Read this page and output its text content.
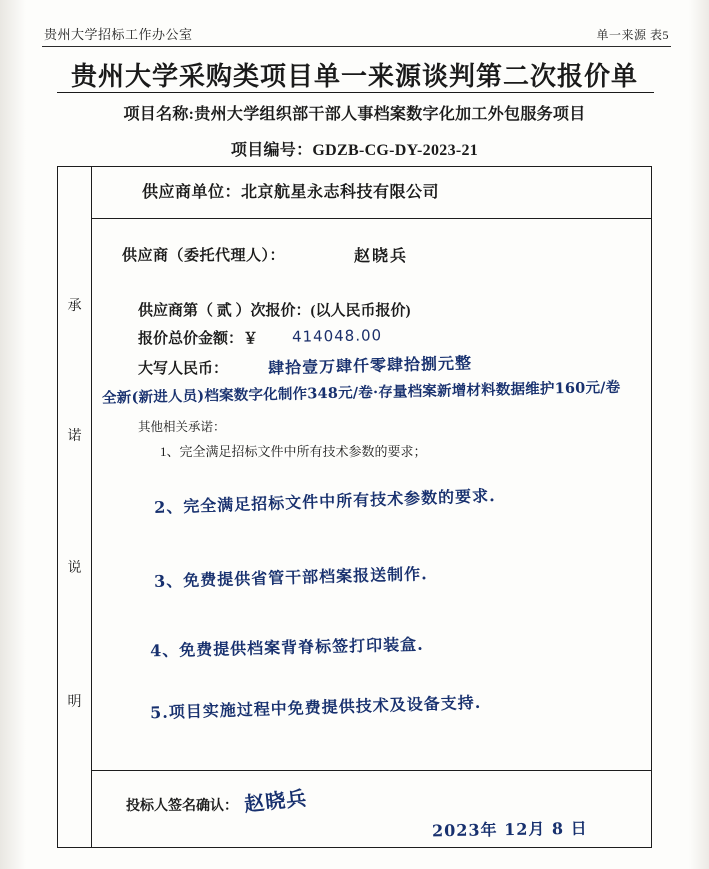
贵州大学招标工作办公室	单一来源 表5
贵州大学采购类项目单一来源谈判第二次报价单
项目名称:贵州大学组织部干部人事档案数字化加工外包服务项目
项目编号：GDZB-CG-DY-2023-21
承
诺
说
明
供应商单位：北京航星永志科技有限公司
供应商（委托代理人）：	赵晓兵
供应商第（ 贰 ）次报价：(以人民币报价)
报价总价金额：￥ 414048.00
大写人民币： 肆拾壹万肆仟零肆拾捌元整
全新(新进人员)档案数字化制作348元/卷·存量档案新增材料数据维护160元/卷
其他相关承诺：
1、完全满足招标文件中所有技术参数的要求；
2、完全满足招标文件中所有技术参数的要求.
3、免费提供省管干部档案报送制作.
4、免费提供档案背脊标签打印装盒.
5.项目实施过程中免费提供技术及设备支持.
投标人签名确认： 赵晓兵
2023年 12月 8 日
